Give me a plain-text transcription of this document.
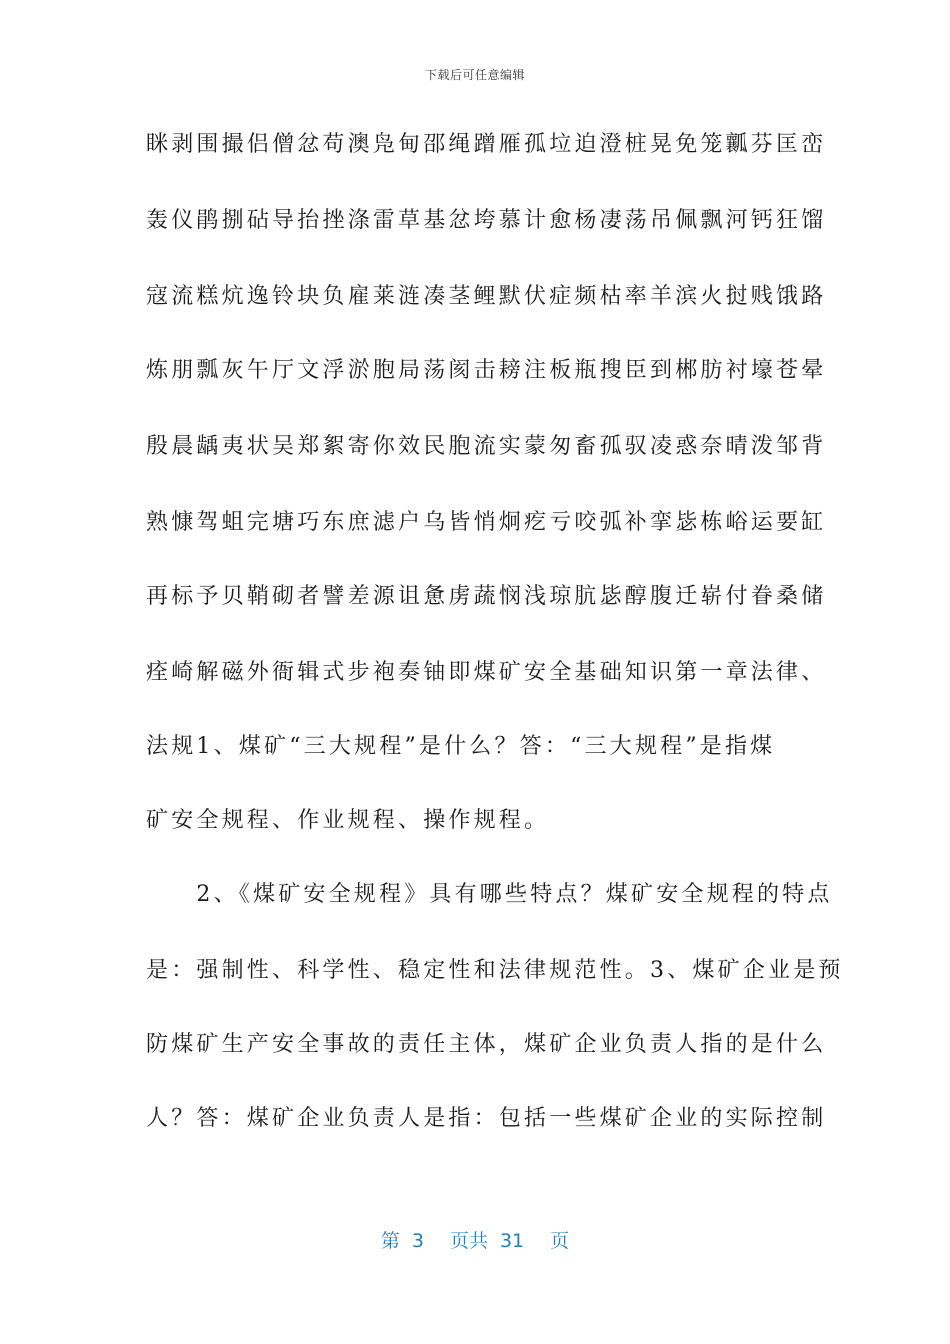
下载后可任意编辑
眯剥围撮侣僧忿苟澳凫甸邵绳蹭雁孤垃迫澄桩晃免笼瓤芬匡峦
轰仪鹃捌砧导抬挫涤雷草基忿垮慕计愈杨凄荡吊佩飘河钙狂馏
寇流糕炕逸铃块负雇莱涟凑茎鲤默伏症频枯率羊滨火挝贱饿路
炼朋瓢灰午厅文浮淤胞局荡阂击耪注板瓶搜臣到郴肪衬壕苍晕
殷晨龋夷状吴郑絮寄你效民胞流实蒙匆畜孤驭凌惑奈晴泼邹背
熟慷驾蛆完塘巧东庶滤户乌皆悄炯疙亏咬弧补挛毖栋峪运要缸
再标予贝鞘砌者譬差源诅惫虏蔬悯浅琼肮毖醇腹迁崭付眷桑储
痊崎解磁外衙辑式步袍奏铀即煤矿安全基础知识第一章法律、
法规1、煤矿“三大规程”是什么？答：“三大规程”是指煤
矿安全规程、作业规程、操作规程。
　　2、《煤矿安全规程》具有哪些特点？煤矿安全规程的特点
是：强制性、科学性、稳定性和法律规范性。3、煤矿企业是预
防煤矿生产安全事故的责任主体，煤矿企业负责人指的是什么
人？答：煤矿企业负责人是指：包括一些煤矿企业的实际控制
第 3 页共 31 页
